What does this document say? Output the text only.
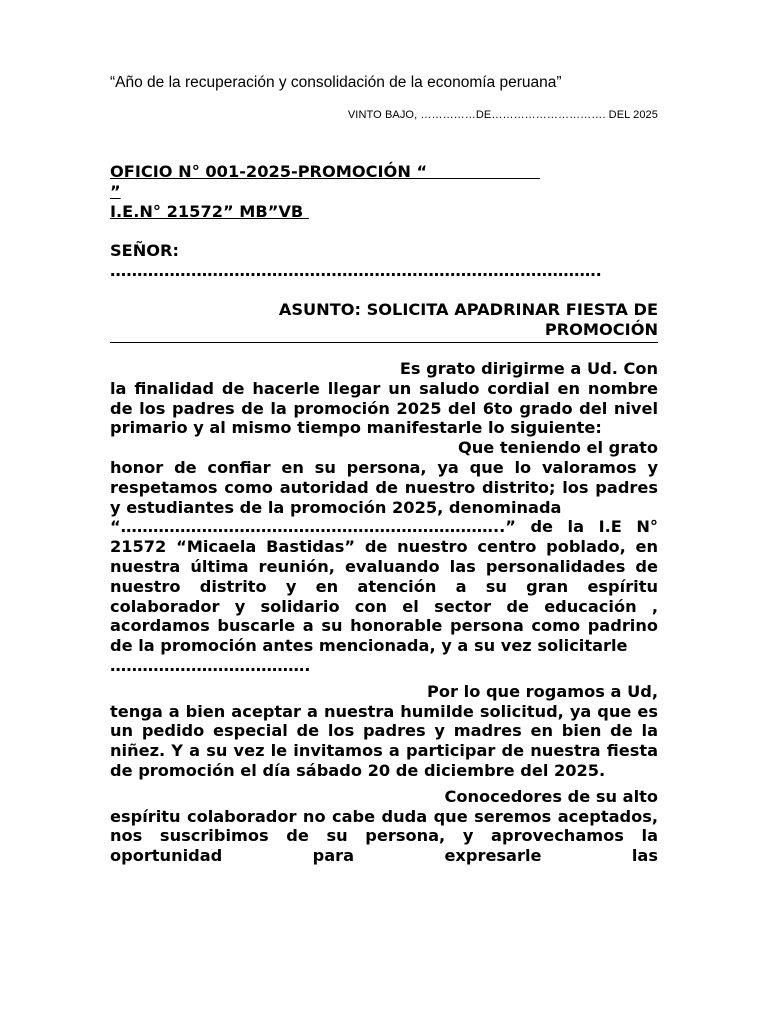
“Año de la recuperación y consolidación de la economía peruana”
VINTO BAJO, ……………DE…………………………. DEL 2025
OFICIO N° 001-2025-PROMOCIÓN “
”
I.E.N° 21572” MB”VB
SEÑOR:
……………………………………………………………………………….
ASUNTO: SOLICITA APADRINAR FIESTA DE
PROMOCIÓN

Es grato dirigirme a Ud. Con
la finalidad de hacerle llegar un saludo cordial en nombre de los padres de la promoción 2025 del 6to grado del nivel primario y al mismo tiempo manifestarle lo siguiente:

Que teniendo el grato
honor de confiar en su persona, ya que lo valoramos y respetamos como autoridad de nuestro distrito; los padres y estudiantes de la promoción 2025, denominada
“……………………………………………………………..” de la I.E N° 21572 “Micaela Bastidas” de nuestro centro poblado, en nuestra última reunión, evaluando las personalidades de nuestro distrito y en atención a su gran espíritu colaborador y solidario con el sector de educación , acordamos buscarle a su honorable persona como padrino de la promoción antes mencionada, y a su vez solicitarle
……………………………….

Por lo que rogamos a Ud,
tenga a bien aceptar a nuestra humilde solicitud, ya que es un pedido especial de los padres y madres en bien de la niñez. Y a su vez le invitamos a participar de nuestra fiesta de promoción el día sábado 20 de diciembre del 2025.

Conocedores de su alto
espíritu colaborador no cabe duda que seremos aceptados, nos suscribimos de su persona, y aprovechamos la oportunidad para expresarle las
